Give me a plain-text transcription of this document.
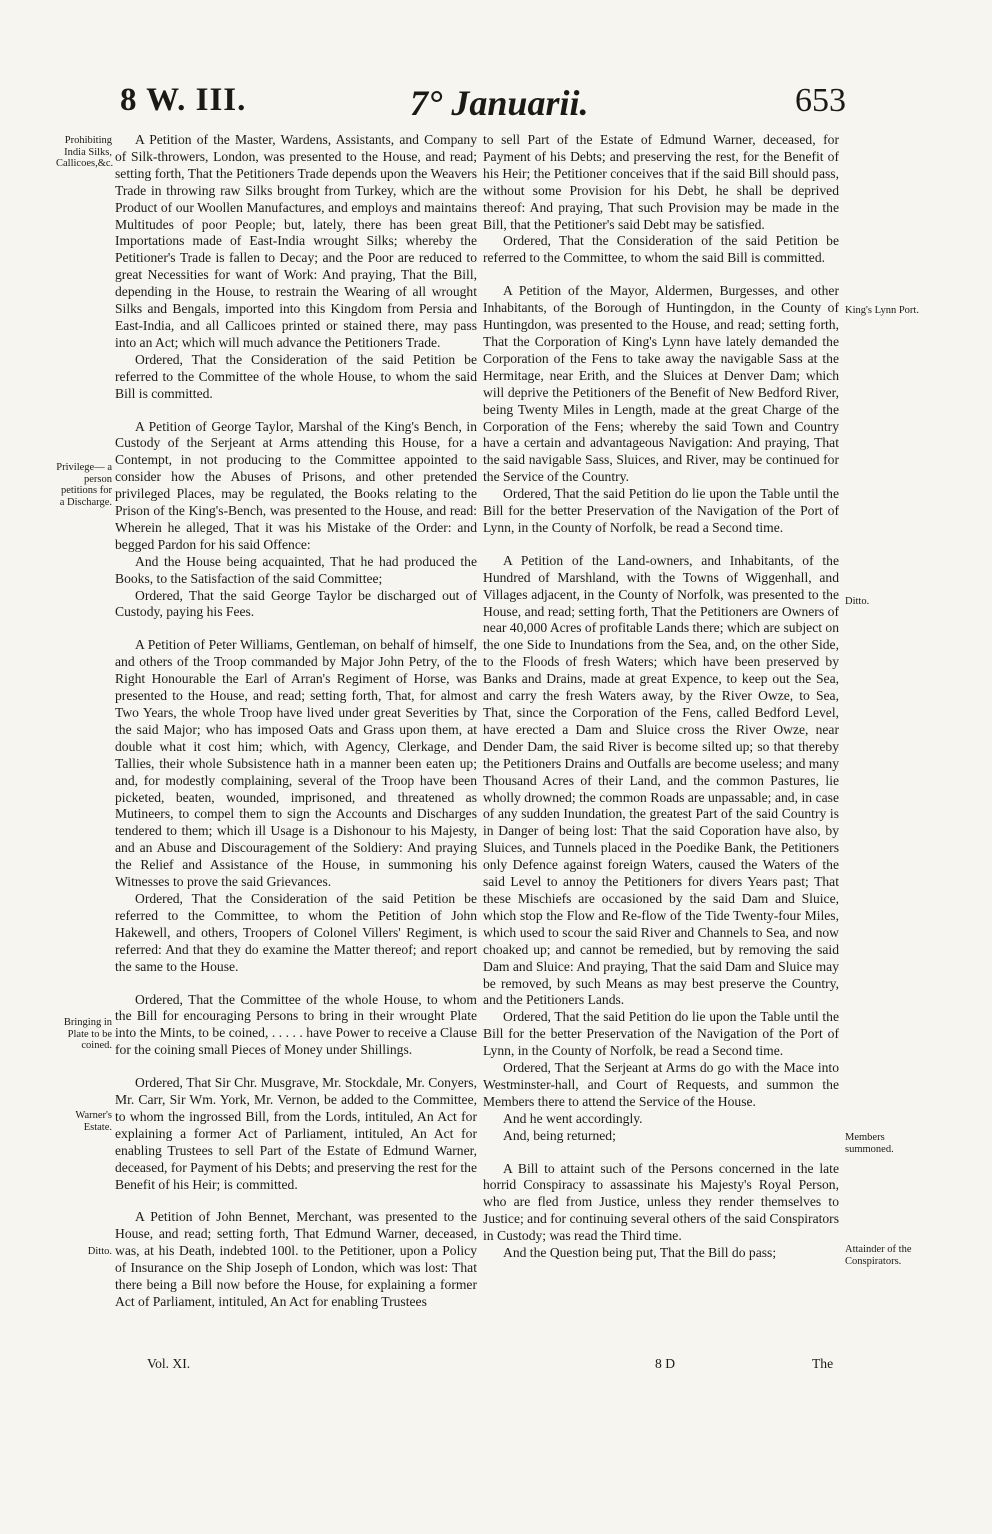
8 W. III.	7° Januarii.	653
Prohibiting India Silks, Callicoes,&c.
Privilege— a person petitions for a Discharge.
Bringing in Plate to be coined.
Warner's Estate.
Ditto.
King's Lynn Port.
Ditto.
Members summoned.
Attainder of the Conspirators.

A Petition of the Master, Wardens, Assistants, and Company of Silk-throwers, London, was presented to the House, and read; setting forth, That the Petitioners Trade depends upon the Weavers Trade in throwing raw Silks brought from Turkey, which are the Product of our Woollen Manufactures, and employs and maintains Multitudes of poor People; but, lately, there has been great Importations made of East-India wrought Silks; whereby the Petitioner's Trade is fallen to Decay; and the Poor are reduced to great Necessities for want of Work: And praying, That the Bill, depending in the House, to restrain the Wearing of all wrought Silks and Bengals, imported into this Kingdom from Persia and East-India, and all Callicoes printed or stained there, may pass into an Act; which will much advance the Petitioners Trade.

Ordered, That the Consideration of the said Petition be referred to the Committee of the whole House, to whom the said Bill is committed.

A Petition of George Taylor, Marshal of the King's Bench, in Custody of the Serjeant at Arms attending this House, for a Contempt, in not producing to the Committee appointed to consider how the Abuses of Prisons, and other pretended privileged Places, may be regulated, the Books relating to the Prison of the King's-Bench, was presented to the House, and read: Wherein he alleged, That it was his Mistake of the Order: and begged Pardon for his said Offence:

And the House being acquainted, That he had produced the Books, to the Satisfaction of the said Committee;

Ordered, That the said George Taylor be discharged out of Custody, paying his Fees.

A Petition of Peter Williams, Gentleman, on behalf of himself, and others of the Troop commanded by Major John Petry, of the Right Honourable the Earl of Arran's Regiment of Horse, was presented to the House, and read; setting forth, That, for almost Two Years, the whole Troop have lived under great Severities by the said Major; who has imposed Oats and Grass upon them, at double what it cost him; which, with Agency, Clerkage, and Tallies, their whole Subsistence hath in a manner been eaten up; and, for modestly complaining, several of the Troop have been picketed, beaten, wounded, imprisoned, and threatened as Mutineers, to compel them to sign the Accounts and Discharges tendered to them; which ill Usage is a Dishonour to his Majesty, and an Abuse and Discouragement of the Soldiery: And praying the Relief and Assistance of the House, in summoning his Witnesses to prove the said Grievances.

Ordered, That the Consideration of the said Petition be referred to the Committee, to whom the Petition of John Hakewell, and others, Troopers of Colonel Villers' Regiment, is referred: And that they do examine the Matter thereof; and report the same to the House.

Ordered, That the Committee of the whole House, to whom the Bill for encouraging Persons to bring in their wrought Plate into the Mints, to be coined, . . . . . have Power to receive a Clause for the coining small Pieces of Money under Shillings.

Ordered, That Sir Chr. Musgrave, Mr. Stockdale, Mr. Conyers, Mr. Carr, Sir Wm. York, Mr. Vernon, be added to the Committee, to whom the ingrossed Bill, from the Lords, intituled, An Act for explaining a former Act of Parliament, intituled, An Act for enabling Trustees to sell Part of the Estate of Edmund Warner, deceased, for Payment of his Debts; and preserving the rest for the Benefit of his Heir; is committed.

A Petition of John Bennet, Merchant, was presented to the House, and read; setting forth, That Edmund Warner, deceased, was, at his Death, indebted 100l. to the Petitioner, upon a Policy of Insurance on the Ship Joseph of London, which was lost: That there being a Bill now before the House, for explaining a former Act of Parliament, intituled, An Act for enabling Trustees

to sell Part of the Estate of Edmund Warner, deceased, for Payment of his Debts; and preserving the rest, for the Benefit of his Heir; the Petitioner conceives that if the said Bill should pass, without some Provision for his Debt, he shall be deprived thereof: And praying, That such Provision may be made in the Bill, that the Petitioner's said Debt may be satisfied.

Ordered, That the Consideration of the said Petition be referred to the Committee, to whom the said Bill is committed.

A Petition of the Mayor, Aldermen, Burgesses, and other Inhabitants, of the Borough of Huntingdon, in the County of Huntingdon, was presented to the House, and read; setting forth, That the Corporation of King's Lynn have lately demanded the Corporation of the Fens to take away the navigable Sass at the Hermitage, near Erith, and the Sluices at Denver Dam; which will deprive the Petitioners of the Benefit of New Bedford River, being Twenty Miles in Length, made at the great Charge of the Corporation of the Fens; whereby the said Town and Country have a certain and advantageous Navigation: And praying, That the said navigable Sass, Sluices, and River, may be continued for the Service of the Country.

Ordered, That the said Petition do lie upon the Table until the Bill for the better Preservation of the Navigation of the Port of Lynn, in the County of Norfolk, be read a Second time.

A Petition of the Land-owners, and Inhabitants, of the Hundred of Marshland, with the Towns of Wiggenhall, and Villages adjacent, in the County of Norfolk, was presented to the House, and read; setting forth, That the Petitioners are Owners of near 40,000 Acres of profitable Lands there; which are subject on the one Side to Inundations from the Sea, and, on the other Side, to the Floods of fresh Waters; which have been preserved by Banks and Drains, made at great Expence, to keep out the Sea, and carry the fresh Waters away, by the River Owze, to Sea, That, since the Corporation of the Fens, called Bedford Level, have erected a Dam and Sluice cross the River Owze, near Dender Dam, the said River is become silted up; so that thereby the Petitioners Drains and Outfalls are become useless; and many Thousand Acres of their Land, and the common Pastures, lie wholly drowned; the common Roads are unpassable; and, in case of any sudden Inundation, the greatest Part of the said Country is in Danger of being lost: That the said Coporation have also, by Sluices, and Tunnels placed in the Poedike Bank, the Petitioners only Defence against foreign Waters, caused the Waters of the said Level to annoy the Petitioners for divers Years past; That these Mischiefs are occasioned by the said Dam and Sluice, which stop the Flow and Re-flow of the Tide Twenty-four Miles, which used to scour the said River and Channels to Sea, and now choaked up; and cannot be remedied, but by removing the said Dam and Sluice: And praying, That the said Dam and Sluice may be removed, by such Means as may best preserve the Country, and the Petitioners Lands.

Ordered, That the said Petition do lie upon the Table until the Bill for the better Preservation of the Navigation of the Port of Lynn, in the County of Norfolk, be read a Second time.

Ordered, That the Serjeant at Arms do go with the Mace into Westminster-hall, and Court of Requests, and summon the Members there to attend the Service of the House.

And he went accordingly.

And, being returned;

A Bill to attaint such of the Persons concerned in the late horrid Conspiracy to assassinate his Majesty's Royal Person, who are fled from Justice, unless they render themselves to Justice; and for continuing several others of the said Conspirators in Custody; was read the Third time.

And the Question being put, That the Bill do pass;

Vol. XI.	8 D	The
